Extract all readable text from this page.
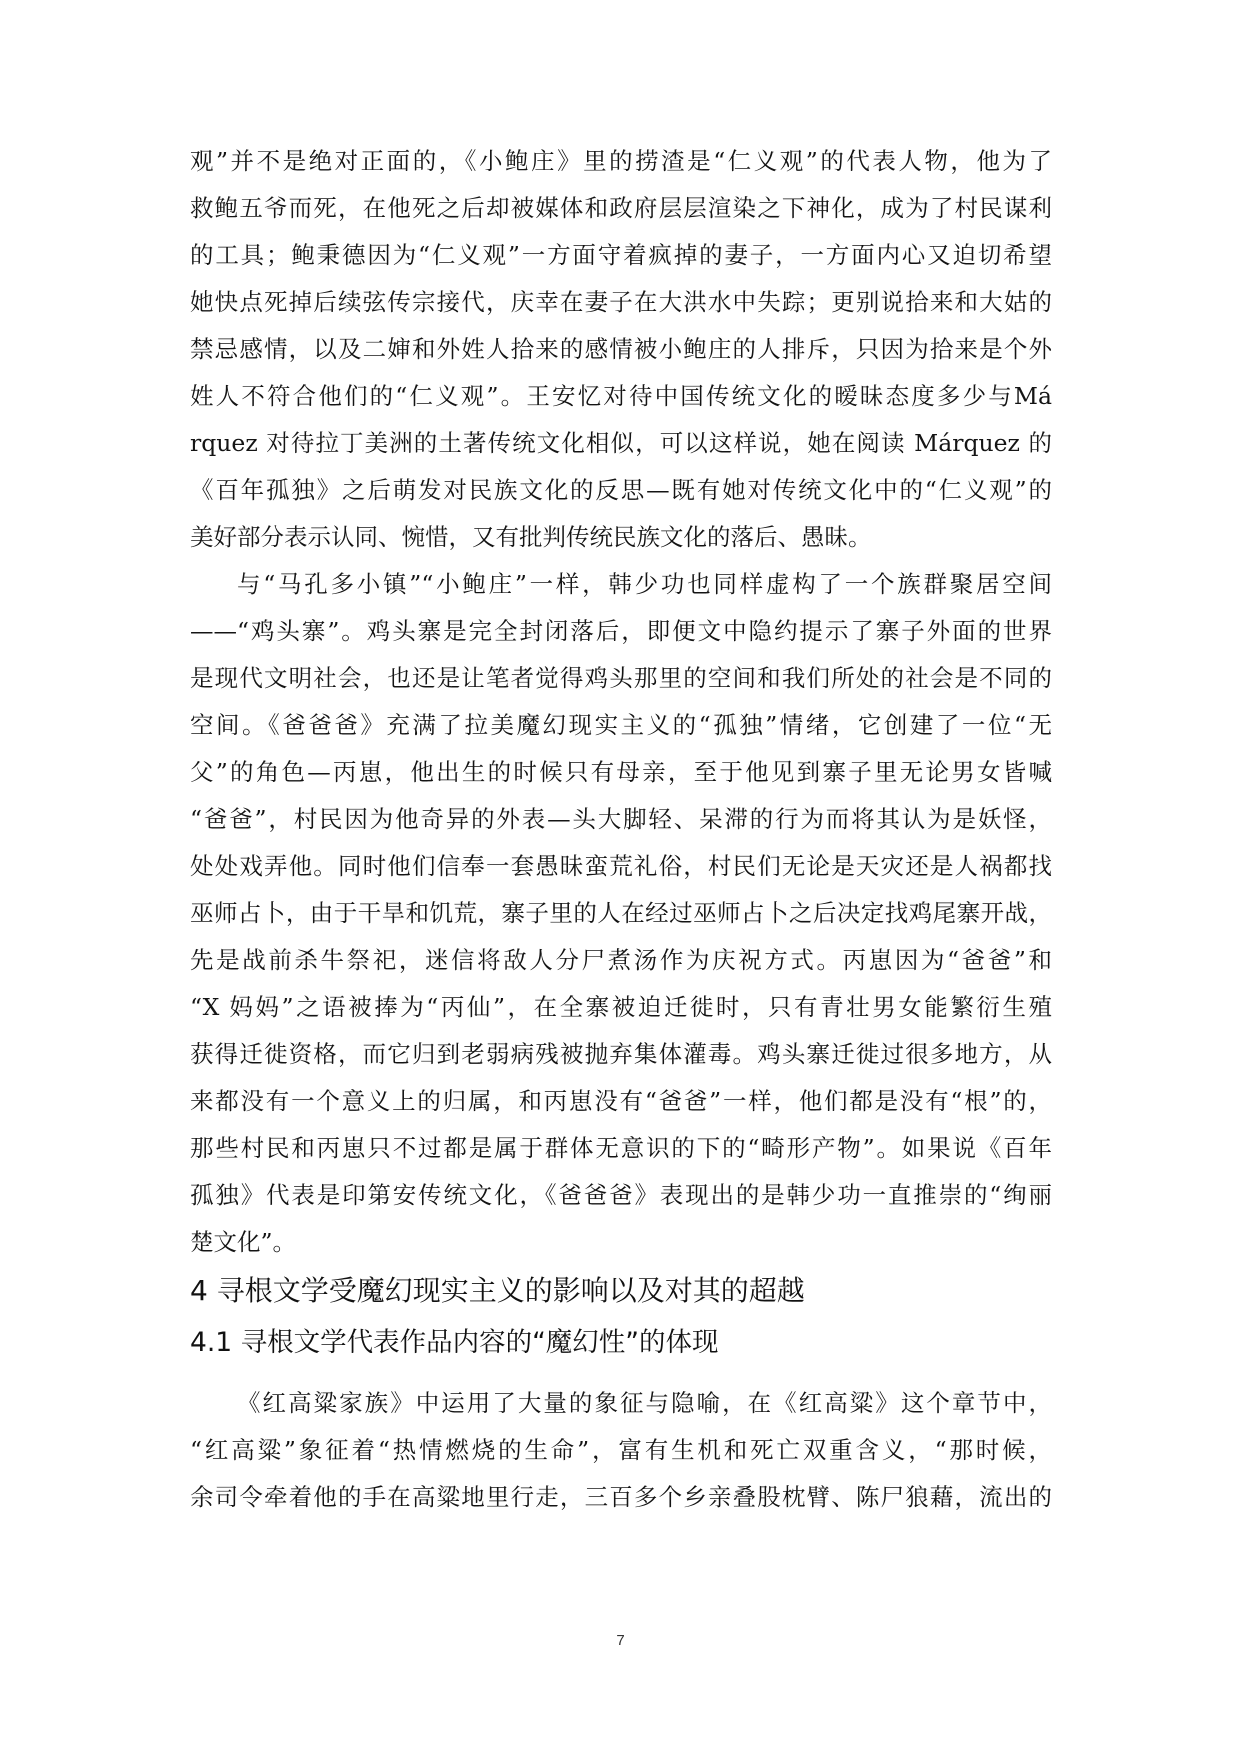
观”并不是绝对正面的，《小鲍庄》里的捞渣是“仁义观”的代表人物，他为了
救鲍五爷而死，在他死之后却被媒体和政府层层渲染之下神化，成为了村民谋利
的工具；鲍秉德因为“仁义观”一方面守着疯掉的妻子，一方面内心又迫切希望
她快点死掉后续弦传宗接代，庆幸在妻子在大洪水中失踪；更别说拾来和大姑的
禁忌感情，以及二婶和外姓人拾来的感情被小鲍庄的人排斥，只因为拾来是个外
姓人不符合他们的“仁义观”。王安忆对待中国传统文化的暧昧态度多少与Má
rquez 对待拉丁美洲的土著传统文化相似，可以这样说，她在阅读 Márquez 的
《百年孤独》之后萌发对民族文化的反思—既有她对传统文化中的“仁义观”的
美好部分表示认同、惋惜，又有批判传统民族文化的落后、愚昧。
与“马孔多小镇”“小鲍庄”一样，韩少功也同样虚构了一个族群聚居空间
——“鸡头寨”。鸡头寨是完全封闭落后，即便文中隐约提示了寨子外面的世界
是现代文明社会，也还是让笔者觉得鸡头那里的空间和我们所处的社会是不同的
空间。《爸爸爸》充满了拉美魔幻现实主义的“孤独”情绪，它创建了一位“无
父”的角色—丙崽，他出生的时候只有母亲，至于他见到寨子里无论男女皆喊
“爸爸”，村民因为他奇异的外表—头大脚轻、呆滞的行为而将其认为是妖怪，
处处戏弄他。同时他们信奉一套愚昧蛮荒礼俗，村民们无论是天灾还是人祸都找
巫师占卜，由于干旱和饥荒，寨子里的人在经过巫师占卜之后决定找鸡尾寨开战，
先是战前杀牛祭祀，迷信将敌人分尸煮汤作为庆祝方式。丙崽因为“爸爸”和
“X 妈妈”之语被捧为“丙仙”，在全寨被迫迁徙时，只有青壮男女能繁衍生殖
获得迁徙资格，而它归到老弱病残被抛弃集体灌毒。鸡头寨迁徙过很多地方，从
来都没有一个意义上的归属，和丙崽没有“爸爸”一样，他们都是没有“根”的，
那些村民和丙崽只不过都是属于群体无意识的下的“畸形产物”。如果说《百年
孤独》代表是印第安传统文化，《爸爸爸》表现出的是韩少功一直推崇的“绚丽
楚文化”。
4 寻根文学受魔幻现实主义的影响以及对其的超越
4.1 寻根文学代表作品内容的“魔幻性”的体现
《红高粱家族》中运用了大量的象征与隐喻，在《红高粱》这个章节中，
“红高粱”象征着“热情燃烧的生命”，富有生机和死亡双重含义，“那时候，
余司令牵着他的手在高粱地里行走，三百多个乡亲叠股枕臂、陈尸狼藉，流出的
7
